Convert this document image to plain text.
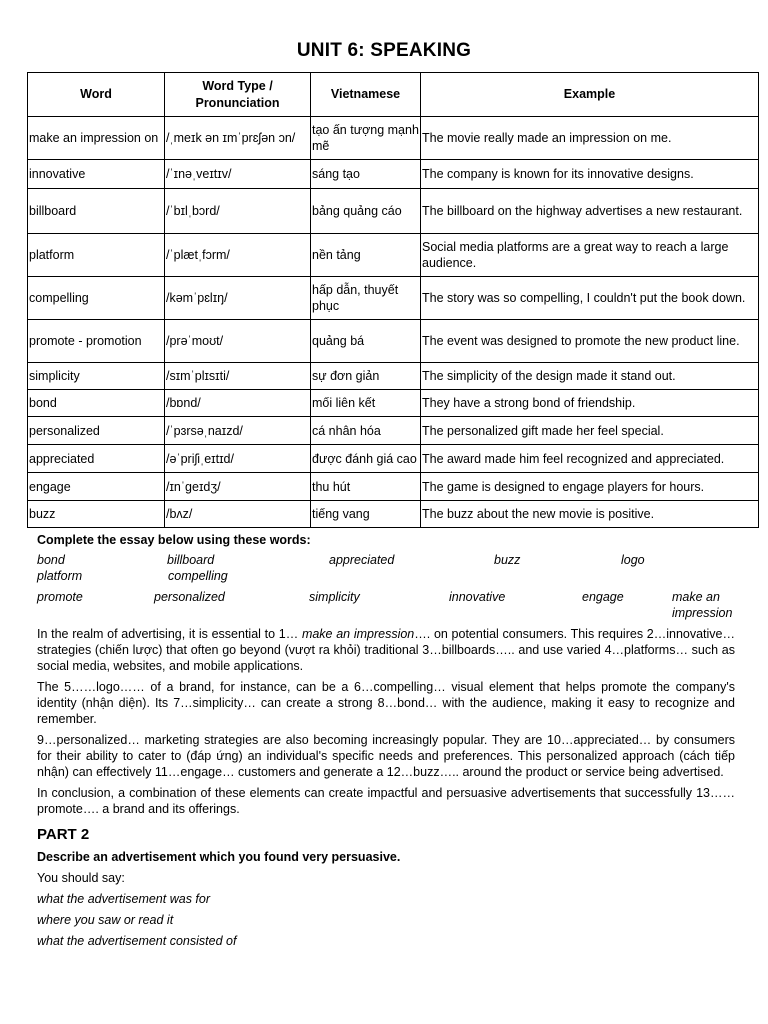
UNIT 6: SPEAKING
Word	Word Type / Pronunciation	Vietnamese	Example
make an impression on	/ˌmeɪk ən ɪmˈprɛʃən ɔn/	tạo ấn tượng mạnh mẽ	The movie really made an impression on me.
innovative	/ˈɪnəˌveɪtɪv/	sáng tạo	The company is known for its innovative designs.
billboard	/ˈbɪlˌbɔrd/	bảng quảng cáo	The billboard on the highway advertises a new restaurant.
platform	/ˈplætˌfɔrm/	nền tảng	Social media platforms are a great way to reach a large audience.
compelling	/kəmˈpɛlɪŋ/	hấp dẫn, thuyết phục	The story was so compelling, I couldn't put the book down.
promote - promotion	/prəˈmoʊt/	quảng bá	The event was designed to promote the new product line.
simplicity	/sɪmˈplɪsɪti/	sự đơn giản	The simplicity of the design made it stand out.
bond	/bɒnd/	mối liên kết	They have a strong bond of friendship.
personalized	/ˈpɜrsəˌnaɪzd/	cá nhân hóa	The personalized gift made her feel special.
appreciated	/əˈpriʃiˌeɪtɪd/	được đánh giá cao	The award made him feel recognized and appreciated.
engage	/ɪnˈɡeɪdʒ/	thu hút	The game is designed to engage players for hours.
buzz	/bʌz/	tiếng vang	The buzz about the new movie is positive.
Complete the essay below using these words:
bond	billboard	appreciated	buzz	logo
platform	compelling
promote	personalized	simplicity	innovative	engage	make an impression

In the realm of advertising, it is essential to 1… make an impression…. on potential consumers. This requires 2…innovative… strategies (chiến lược) that often go beyond (vượt ra khỏi) traditional 3…billboards….. and use varied 4…platforms… such as social media, websites, and mobile applications.

The 5……logo…… of a brand, for instance, can be a 6…compelling… visual element that helps promote the company's identity (nhận diện). Its 7…simplicity… can create a strong 8…bond… with the audience, making it easy to recognize and remember.

9…personalized… marketing strategies are also becoming increasingly popular. They are 10…appreciated… by consumers for their ability to cater to (đáp ứng) an individual's specific needs and preferences. This personalized approach (cách tiếp nhận) can effectively 11…engage… customers and generate a 12…buzz….. around the product or service being advertised.

In conclusion, a combination of these elements can create impactful and persuasive advertisements that successfully 13……promote…. a brand and its offerings.

PART 2
Describe an advertisement which you found very persuasive.
You should say:
what the advertisement was for
where you saw or read it
what the advertisement consisted of
